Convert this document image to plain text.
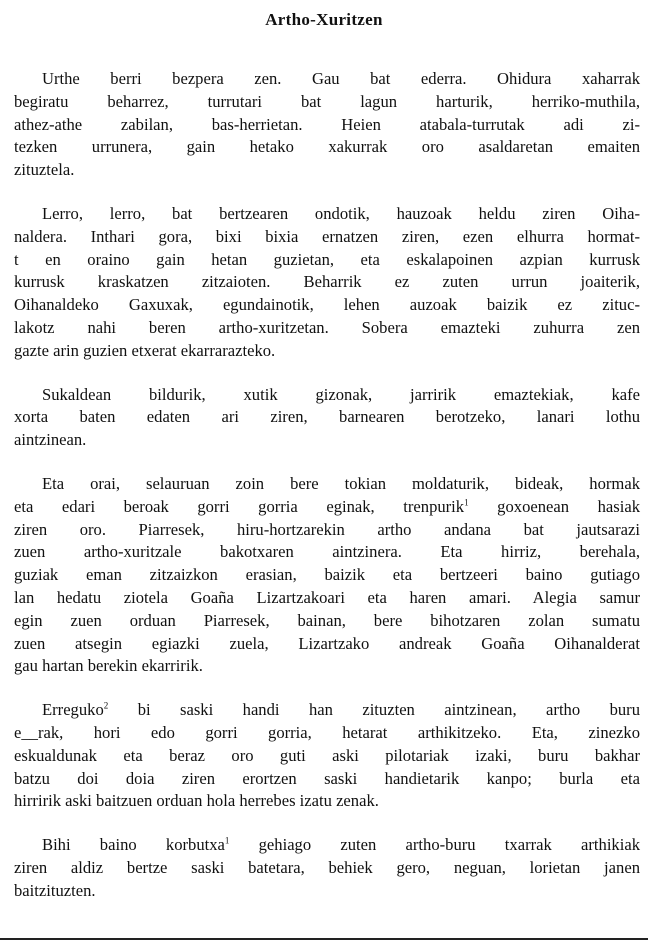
Artho-Xuritzen

Urthe berri bezpera zen. Gau bat ederra. Ohidura xaharrak
begiratu beharrez, turrutari bat lagun harturik, herriko-muthila,
athez-athe zabilan, bas-herrietan. Heien atabala-turrutak adi zi-
tezken urrunera, gain hetako xakurrak oro asaldaretan emaiten
zituztela.

Lerro, lerro, bat bertzearen ondotik, hauzoak heldu ziren Oiha-
naldera. Inthari gora, bixi bixia ernatzen ziren, ezen elhurra hormat-
t en oraino gain hetan guzietan, eta eskalapoinen azpian kurrusk
kurrusk kraskatzen zitzaioten. Beharrik ez zuten urrun joaiterik,
Oihanaldeko Gaxuxak, egundainotik, lehen auzoak baizik ez zituc-
lakotz nahi beren artho-xuritzetan. Sobera emazteki zuhurra zen
gazte arin guzien etxerat ekarrarazteko.

Sukaldean bildurik, xutik gizonak, jarririk emaztekiak, kafe
xorta baten edaten ari ziren, barnearen berotzeko, lanari lothu
aintzinean.

Eta orai, selauruan zoin bere tokian moldaturik, bideak, hormak
eta edari beroak gorri gorria eginak, trenpurik$^1$ goxoenean hasiak
ziren oro. Piarresek, hiru-hortzarekin artho andana bat jautsarazi
zuen artho-xuritzale bakotxaren aintzinera. Eta hirriz, berehala,
guziak eman zitzaizkon erasian, baizik eta bertzeeri baino gutiago
lan hedatu ziotela Goaña Lizartzakoari eta haren amari. Alegia samur
egin zuen orduan Piarresek, bainan, bere bihotzaren zolan sumatu
zuen atsegin egiazki zuela, Lizartzako andreak Goaña Oihanalderat
gau hartan berekin ekarririk.

Erreguko$^2$ bi saski handi han zituzten aintzinean, artho buru
e__rak, hori edo gorri gorria, hetarat arthikitzeko. Eta, zinezko
eskualdunak eta beraz oro guti aski pilotariak izaki, buru bakhar
batzu doi doia ziren erortzen saski handietarik kanpo; burla eta
hirririk aski baitzuen orduan hola herrebes izatu zenak.

Bihi baino korbutxa$^1$ gehiago zuten artho-buru txarrak arthikiak
ziren aldiz bertze saski batetara, behiek gero, neguan, lorietan janen
baitzituzten.
